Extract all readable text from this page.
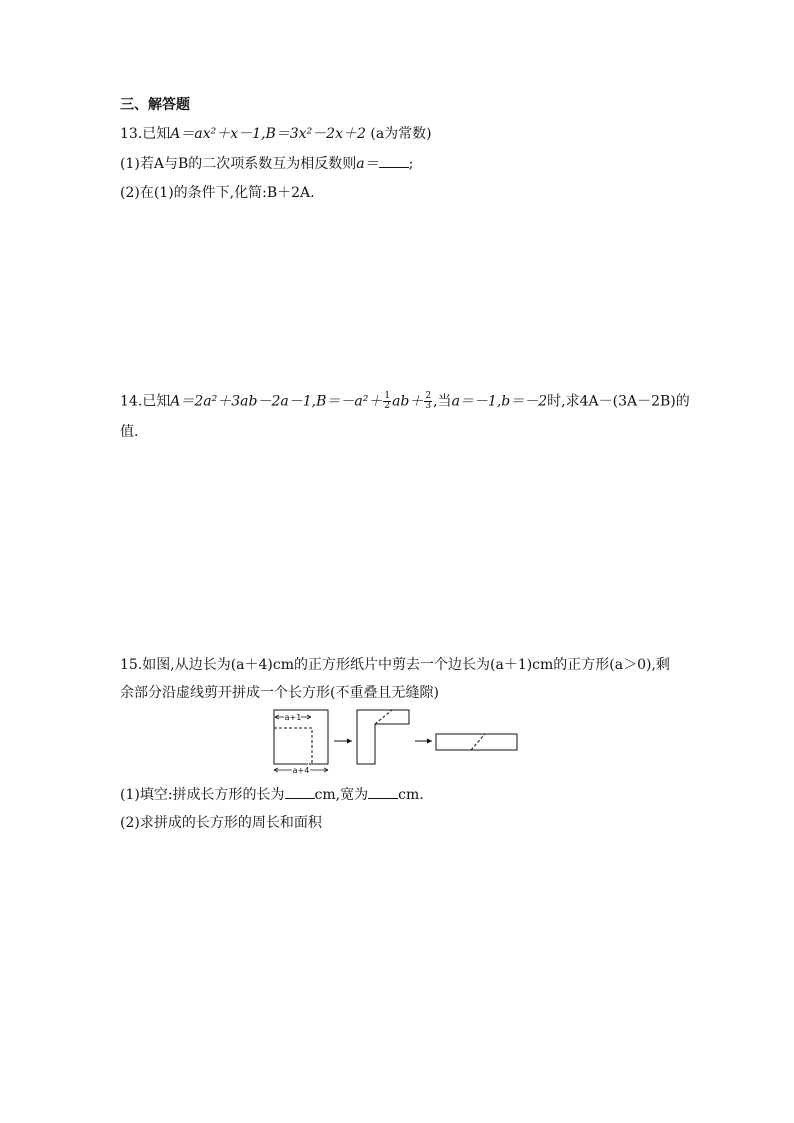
三、解答题
13.已知A＝ax²＋x－1,B＝3x²－2x＋2 (a为常数)
(1)若A与B的二次项系数互为相反数则a＝ ;
(2)在(1)的条件下,化简:B＋2A.
14.已知$A=2a^2+3ab-2a-1,B=-a^2+ \frac{1}{2} ab+ \frac{2}{3}$ ,当a＝－1,b＝－2时,求4A－(3A－2B)的
值.
15.如图,从边长为(a＋4)cm的正方形纸片中剪去一个边长为(a＋1)cm的正方形(a＞0),剩
余部分沿虚线剪开拼成一个长方形(不重叠且无缝隙)
a+1
a+4
(1)填空:拼成长方形的长为 cm,宽为 cm.
(2)求拼成的长方形的周长和面积
